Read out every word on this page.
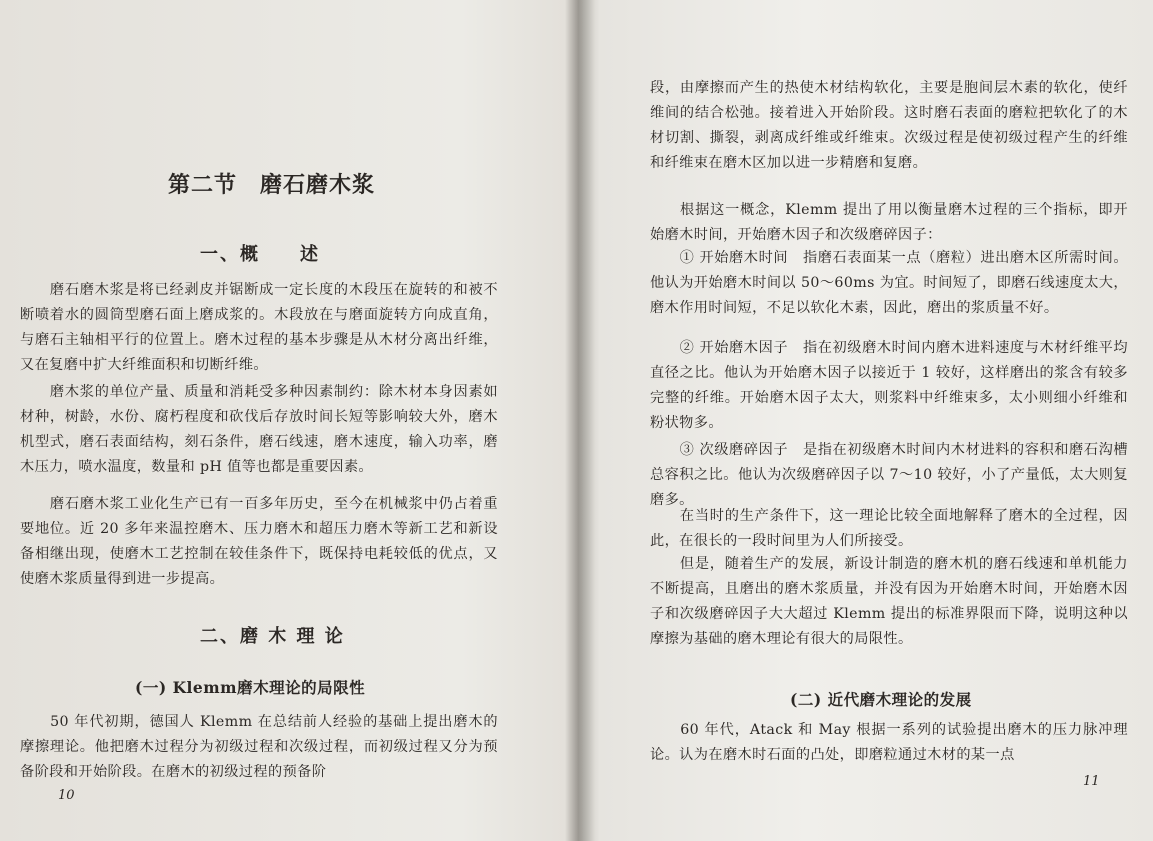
第二节　磨石磨木浆
一、概　　述

　　磨石磨木浆是将已经剥皮并锯断成一定长度的木段压在旋转的和被不断喷着水的圆筒型磨石面上磨成浆的。木段放在与磨面旋转方向成直角，与磨石主轴相平行的位置上。磨木过程的基本步骤是从木材分离出纤维，又在复磨中扩大纤维面积和切断纤维。

　　磨木浆的单位产量、质量和消耗受多种因素制约：除木材本身因素如材种，树龄，水份、腐朽程度和砍伐后存放时间长短等影响较大外，磨木机型式，磨石表面结构，刻石条件，磨石线速，磨木速度，输入功率，磨木压力，喷水温度，数量和 pH 值等也都是重要因素。

　　磨石磨木浆工业化生产已有一百多年历史，至今在机械浆中仍占着重要地位。近 20 多年来温控磨木、压力磨木和超压力磨木等新工艺和新设备相继出现，使磨木工艺控制在较佳条件下，既保持电耗较低的优点，又使磨木浆质量得到进一步提高。

二、磨 木 理 论
(一) Klemm磨木理论的局限性

　　50 年代初期，德国人 Klemm 在总结前人经验的基础上提出磨木的摩擦理论。他把磨木过程分为初级过程和次级过程，而初级过程又分为预备阶段和开始阶段。在磨木的初级过程的预备阶

10

段，由摩擦而产生的热使木材结构软化，主要是胞间层木素的软化，使纤维间的结合松弛。接着进入开始阶段。这时磨石表面的磨粒把软化了的木材切割、撕裂，剥离成纤维或纤维束。次级过程是使初级过程产生的纤维和纤维束在磨木区加以进一步精磨和复磨。

　　根据这一概念，Klemm 提出了用以衡量磨木过程的三个指标，即开始磨木时间，开始磨木因子和次级磨碎因子：

　　① 开始磨木时间　指磨石表面某一点（磨粒）进出磨木区所需时间。他认为开始磨木时间以 50～60ms 为宜。时间短了，即磨石线速度太大，磨木作用时间短，不足以软化木素，因此，磨出的浆质量不好。

　　② 开始磨木因子　指在初级磨木时间内磨木进料速度与木材纤维平均直径之比。他认为开始磨木因子以接近于 1 较好，这样磨出的浆含有较多完整的纤维。开始磨木因子太大，则浆料中纤维束多，太小则细小纤维和粉状物多。

　　③ 次级磨碎因子　是指在初级磨木时间内木材进料的容积和磨石沟槽总容积之比。他认为次级磨碎因子以 7～10 较好，小了产量低，太大则复磨多。

　　在当时的生产条件下，这一理论比较全面地解释了磨木的全过程，因此，在很长的一段时间里为人们所接受。

　　但是，随着生产的发展，新设计制造的磨木机的磨石线速和单机能力不断提高，且磨出的磨木浆质量，并没有因为开始磨木时间，开始磨木因子和次级磨碎因子大大超过 Klemm 提出的标准界限而下降，说明这种以摩擦为基础的磨木理论有很大的局限性。

(二) 近代磨木理论的发展

　　60 年代，Atack 和 May 根据一系列的试验提出磨木的压力脉冲理论。认为在磨木时石面的凸处，即磨粒通过木材的某一点

11
